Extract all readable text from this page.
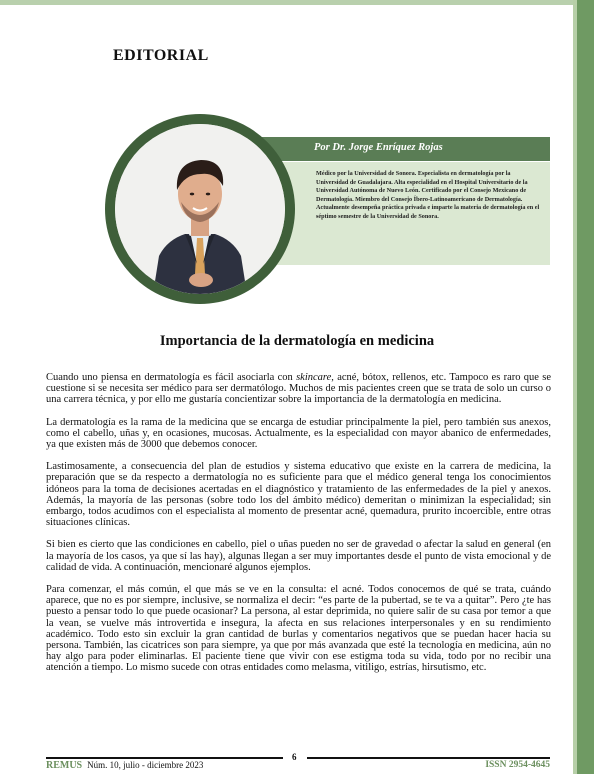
EDITORIAL
Por Dr. Jorge Enríquez Rojas

Médico por la Universidad de Sonora. Especialista en dermatología por la Universidad de Guadalajara. Alta especialidad en el Hospital Universitario de la Universidad Autónoma de Nuevo León. Certificado por el Consejo Mexicano de Dermatología. Miembro del Consejo Íbero-Latinoamericano de Dermatología.

Actualmente desempeña práctica privada e imparte la materia de dermatología en el séptimo semestre de la Universidad de Sonora.

Importancia de la dermatología en medicina

Cuando uno piensa en dermatología es fácil asociarla con skincare, acné, bótox, rellenos, etc. Tampoco es raro que se cuestione si se necesita ser médico para ser dermatólogo. Muchos de mis pacientes creen que se trata de solo un curso o una carrera técnica, y por ello me gustaría concientizar sobre la importancia de la dermatología en medicina.

La dermatología es la rama de la medicina que se encarga de estudiar principalmente la piel, pero también sus anexos, como el cabello, uñas y, en ocasiones, mucosas. Actualmente, es la especialidad con mayor abanico de enfermedades, ya que existen más de 3000 que debemos conocer.

Lastimosamente, a consecuencia del plan de estudios y sistema educativo que existe en la carrera de medicina, la preparación que se da respecto a dermatología no es suficiente para que el médico general tenga los conocimientos idóneos para la toma de decisiones acertadas en el diagnóstico y tratamiento de las enfermedades de la piel y anexos. Además, la mayoría de las personas (sobre todo los del ámbito médico) demeritan o minimizan la especialidad; sin embargo, todos acudimos con el especialista al momento de presentar acné, quemadura, prurito incoercible, entre otras situaciones clínicas.

Si bien es cierto que las condiciones en cabello, piel o uñas pueden no ser de gravedad o afectar la salud en general (en la mayoría de los casos, ya que sí las hay), algunas llegan a ser muy importantes desde el punto de vista emocional y de calidad de vida. A continuación, mencionaré algunos ejemplos.

Para comenzar, el más común, el que más se ve en la consulta: el acné. Todos conocemos de qué se trata, cuándo aparece, que no es por siempre, inclusive, se normaliza el decir: “es parte de la pubertad, se te va a quitar”. Pero ¿te has puesto a pensar todo lo que puede ocasionar? La persona, al estar deprimida, no quiere salir de su casa por temor a que la vean, se vuelve más introvertida e insegura, la afecta en sus relaciones interpersonales y en su rendimiento académico. Todo esto sin excluir la gran cantidad de burlas y comentarios negativos que se puedan hacer hacia su persona. También, las cicatrices son para siempre, ya que por más avanzada que esté la tecnología en medicina, aún no hay algo para poder eliminarlas. El paciente tiene que vivir con ese estigma toda su vida, todo por no recibir una atención a tiempo. Lo mismo sucede con otras entidades como melasma, vitiligo, estrías, hirsutismo, etc.

6
REMUS Núm. 10, julio - diciembre 2023	ISSN 2954-4645
